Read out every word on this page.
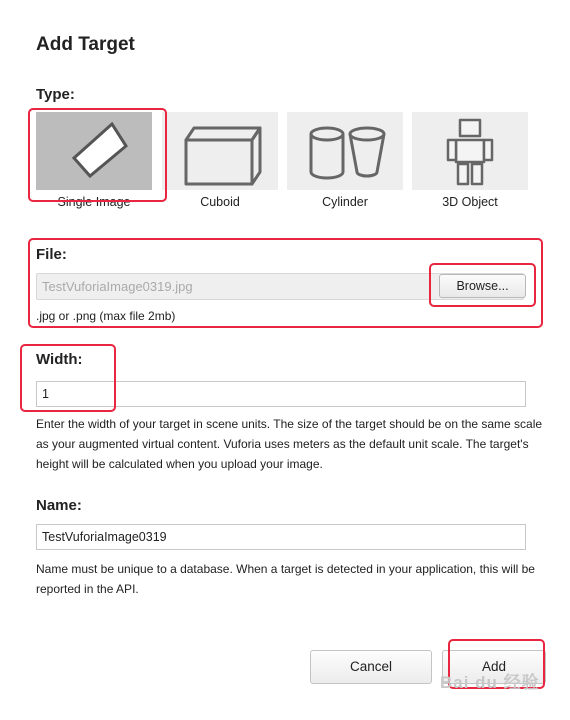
Add Target
Type:
Single Image	Cuboid	Cylinder	3D Object
File:
TestVuforiaImage0319.jpg	Browse...
.jpg or .png (max file 2mb)
Width:
1

Enter the width of your target in scene units. The size of the target should be on the same scale as your augmented virtual content. Vuforia uses meters as the default unit scale. The target's height will be calculated when you upload your image.

Name:
TestVuforiaImage0319

Name must be unique to a database. When a target is detected in your application, this will be reported in the API.

Cancel	Add
Bai du 经验
